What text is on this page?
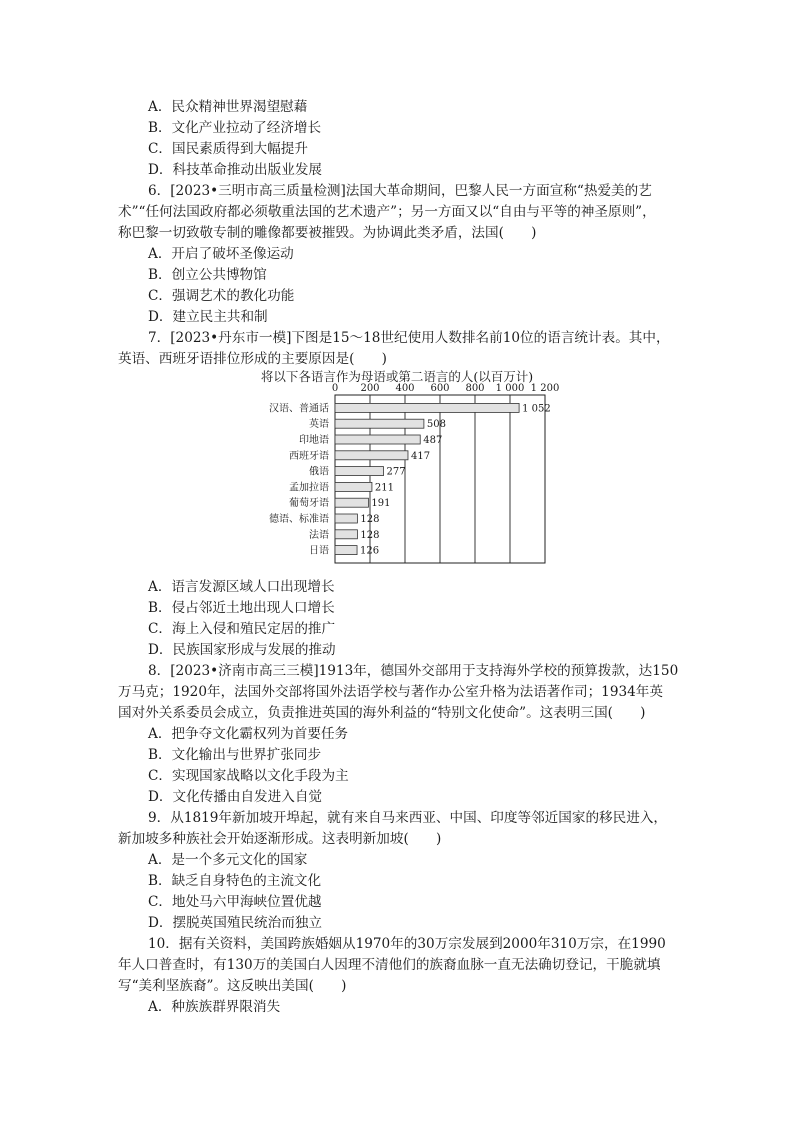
A．民众精神世界渴望慰藉
B．文化产业拉动了经济增长
C．国民素质得到大幅提升
D．科技革命推动出版业发展
6．[2023•三明市高三质量检测]法国大革命期间，巴黎人民一方面宣称“热爱美的艺
术”“任何法国政府都必须敬重法国的艺术遗产”；另一方面又以“自由与平等的神圣原则”，
称巴黎一切致敬专制的雕像都要被摧毁。为协调此类矛盾，法国(　　)
A．开启了破坏圣像运动
B．创立公共博物馆
C．强调艺术的教化功能
D．建立民主共和制
7．[2023•丹东市一模]下图是15～18世纪使用人数排名前10位的语言统计表。其中，
英语、西班牙语排位形成的主要原因是(　　)
将以下各语言作为母语或第二语言的人(以百万计)
0 200 400 600 800 1 000 1 200
汉语、普通话	1 052
英语	508
印地语	487
西班牙语	417
俄语	277
孟加拉语	211
葡萄牙语	191
德语、标准语	128
法语	128
日语	126
A．语言发源区域人口出现增长
B．侵占邻近土地出现人口增长
C．海上入侵和殖民定居的推广
D．民族国家形成与发展的推动
8．[2023•济南市高三三模]1913年，德国外交部用于支持海外学校的预算拨款，达150
万马克；1920年，法国外交部将国外法语学校与著作办公室升格为法语著作司；1934年英
国对外关系委员会成立，负责推进英国的海外利益的“特别文化使命”。这表明三国(　　)
A．把争夺文化霸权列为首要任务
B．文化输出与世界扩张同步
C．实现国家战略以文化手段为主
D．文化传播由自发进入自觉
9．从1819年新加坡开埠起，就有来自马来西亚、中国、印度等邻近国家的移民进入，
新加坡多种族社会开始逐渐形成。这表明新加坡(　　)
A．是一个多元文化的国家
B．缺乏自身特色的主流文化
C．地处马六甲海峡位置优越
D．摆脱英国殖民统治而独立
10．据有关资料，美国跨族婚姻从1970年的30万宗发展到2000年310万宗，在1990
年人口普查时，有130万的美国白人因理不清他们的族裔血脉一直无法确切登记，干脆就填
写“美利坚族裔”。这反映出美国(　　)
A．种族族群界限消失
